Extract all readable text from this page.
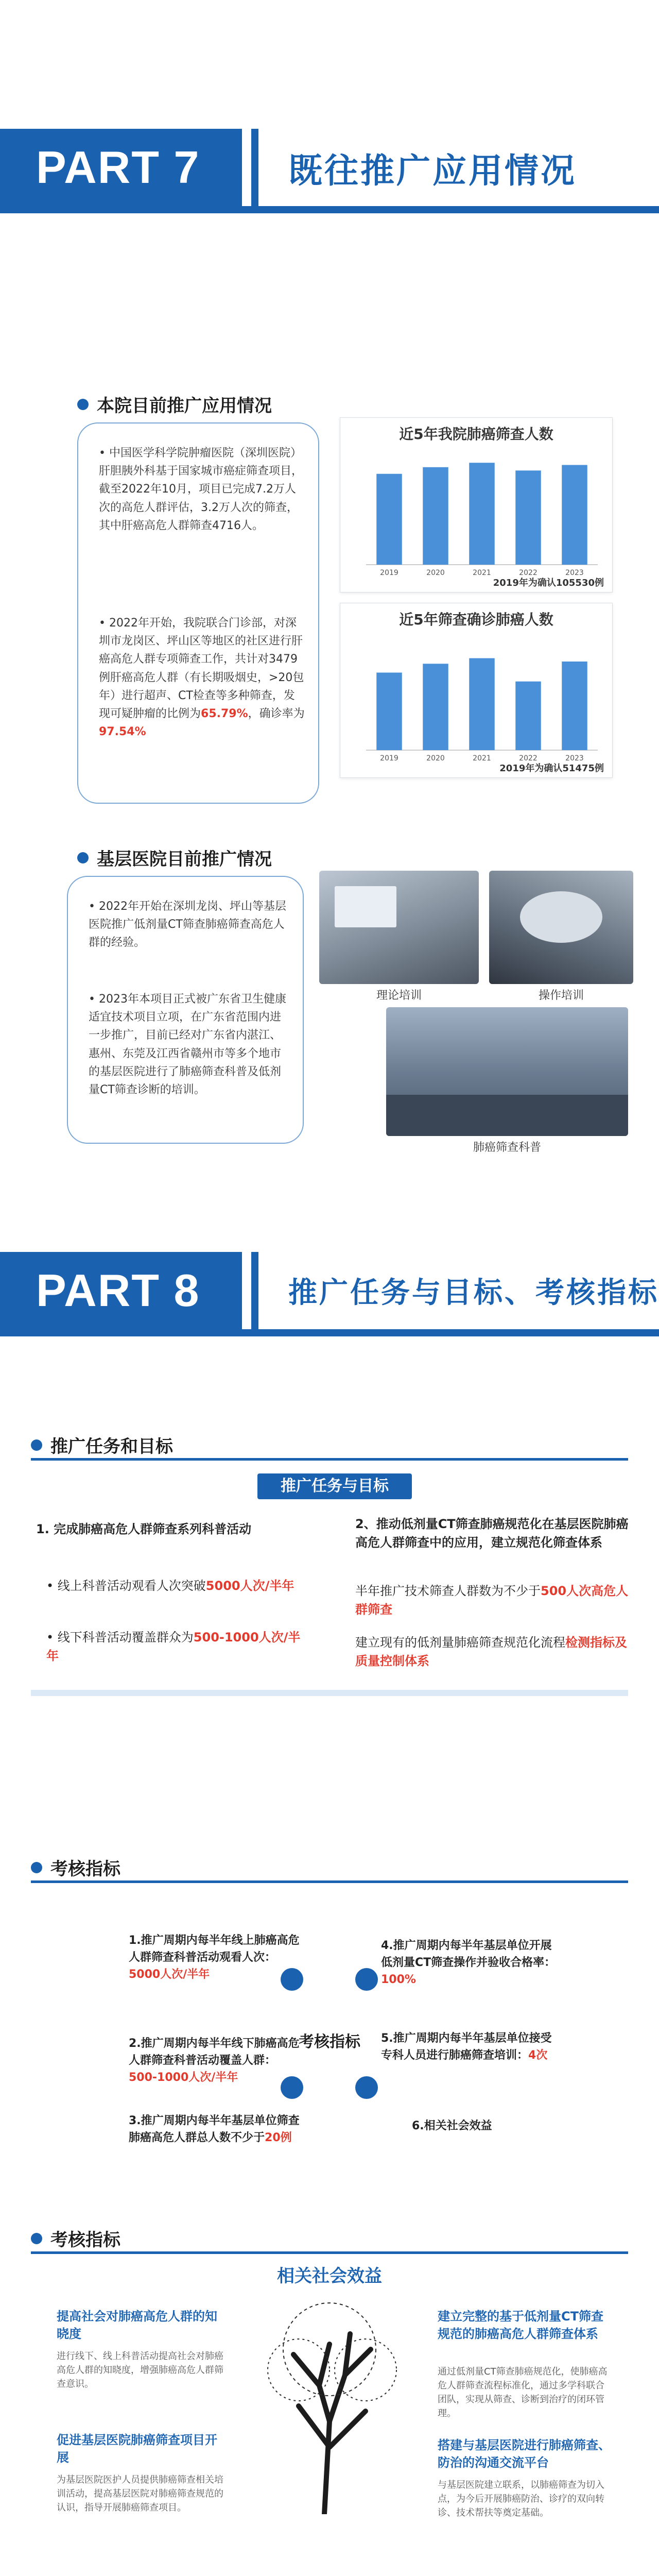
PART 7	既往推广应用情况
本院目前推广应用情况
• 中国医学科学院肿瘤医院（深圳医院）肝胆胰外科基于国家城市癌症筛查项目，截至2022年10月，项目已完成7.2万人次的高危人群评估，3.2万人次的筛查，其中肝癌高危人群筛查4716人。
• 2022年开始，我院联合门诊部，对深圳市龙岗区、坪山区等地区的社区进行肝癌高危人群专项筛查工作，共计对3479例肝癌高危人群（有长期吸烟史，>20包年）进行超声、CT检查等多种筛查，发现可疑肿瘤的比例为65.79%，确诊率为97.54%
近5年我院肺癌筛查人数
2019	2020	2021	2022	2023
2019年为确认105530例
近5年筛查确诊肺癌人数
2019	2020	2021	2022	2023
2019年为确认51475例
基层医院目前推广情况
• 2022年开始在深圳龙岗、坪山等基层医院推广低剂量CT筛查肺癌筛查高危人群的经验。
• 2023年本项目正式被广东省卫生健康适宜技术项目立项，在广东省范围内进一步推广，目前已经对广东省内湛江、惠州、东莞及江西省赣州市等多个地市的基层医院进行了肺癌筛查科普及低剂量CT筛查诊断的培训。
理论培训	操作培训
肺癌筛查科普
PART 8	推广任务与目标、考核指标
推广任务和目标
推广任务与目标
1. 完成肺癌高危人群筛查系列科普活动
• 线上科普活动观看人次突破5000人次/半年
• 线下科普活动覆盖群众为500-1000人次/半年
2、推动低剂量CT筛查肺癌规范化在基层医院肺癌高危人群筛查中的应用，建立规范化筛查体系
半年推广技术筛查人群数为不少于500人次高危人群筛查
建立现有的低剂量肺癌筛查规范化流程检测指标及质量控制体系
考核指标
1.推广周期内每半年线上肺癌高危人群筛查科普活动观看人次：5000人次/半年
2.推广周期内每半年线下肺癌高危人群筛查科普活动覆盖人群：500-1000人次/半年
3.推广周期内每半年基层单位筛查肺癌高危人群总人数不少于20例
4.推广周期内每半年基层单位开展低剂量CT筛查操作并验收合格率：100%
5.推广周期内每半年基层单位接受专科人员进行肺癌筛查培训：4次
6.相关社会效益
考核指标
考核指标
相关社会效益
提高社会对肺癌高危人群的知晓度
进行线下、线上科普活动提高社会对肺癌高危人群的知晓度，增强肺癌高危人群筛查意识。
促进基层医院肺癌筛查项目开展
为基层医院医护人员提供肺癌筛查相关培训活动，提高基层医院对肺癌筛查规范的认识，指导开展肺癌筛查项目。
建立完整的基于低剂量CT筛查规范的肺癌高危人群筛查体系
通过低剂量CT筛查肺癌规范化，使肺癌高危人群筛查流程标准化，通过多学科联合团队，实现从筛查、诊断到治疗的闭环管理。
搭建与基层医院进行肺癌筛查、防治的沟通交流平台
与基层医院建立联系，以肺癌筛查为切入点，为今后开展肺癌防治、诊疗的双向转诊、技术帮扶等奠定基础。
